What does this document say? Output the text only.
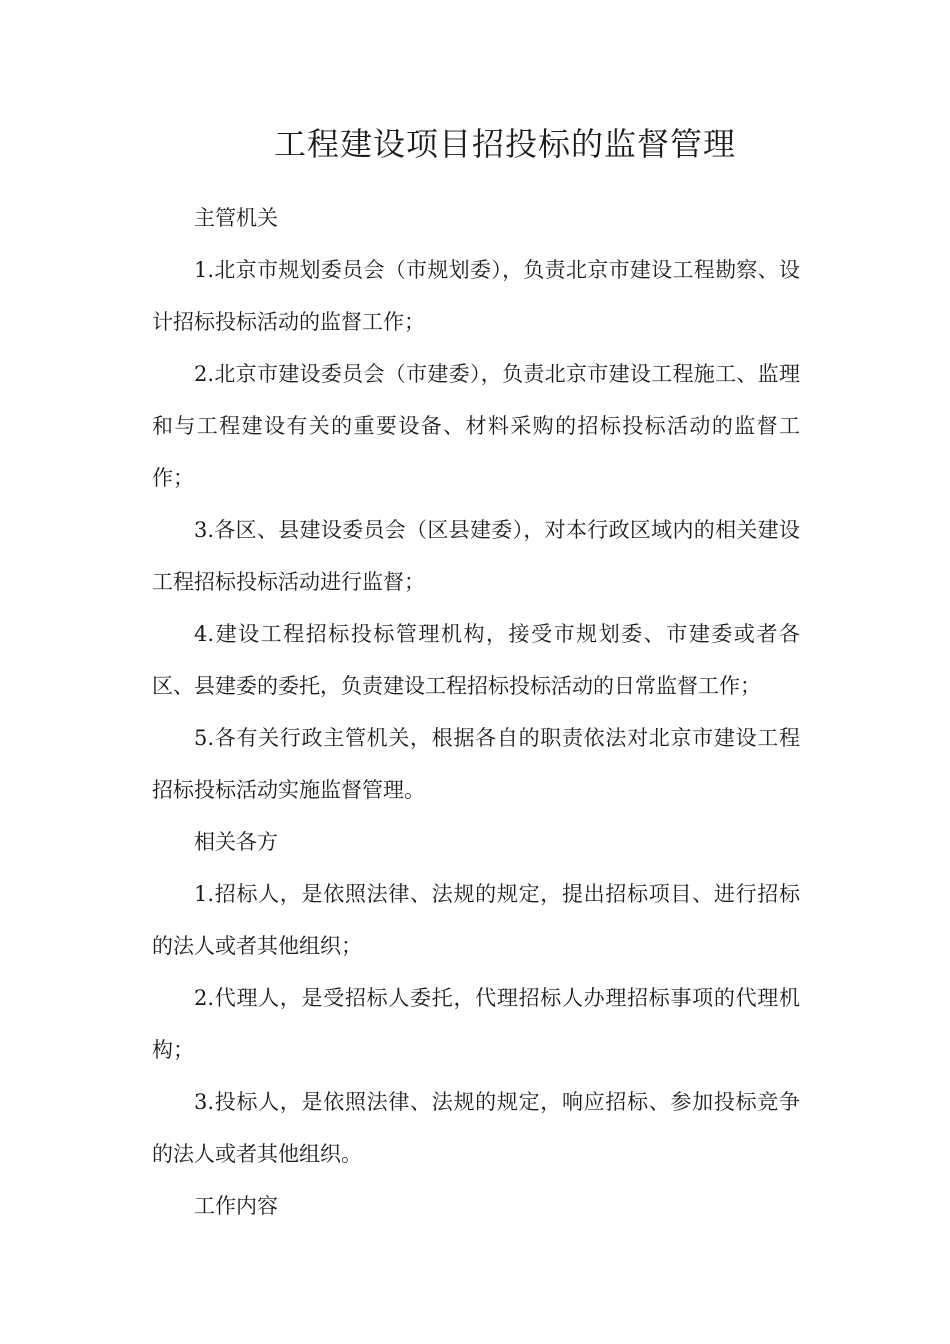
工程建设项目招投标的监督管理

主管机关

1.北京市规划委员会（市规划委），负责北京市建设工程勘察、设计招标投标活动的监督工作；

2.北京市建设委员会（市建委），负责北京市建设工程施工、监理和与工程建设有关的重要设备、材料采购的招标投标活动的监督工作；

3.各区、县建设委员会（区县建委），对本行政区域内的相关建设工程招标投标活动进行监督；

4.建设工程招标投标管理机构，接受市规划委、市建委或者各区、县建委的委托，负责建设工程招标投标活动的日常监督工作；

5.各有关行政主管机关，根据各自的职责依法对北京市建设工程招标投标活动实施监督管理。

相关各方

1.招标人，是依照法律、法规的规定，提出招标项目、进行招标的法人或者其他组织；

2.代理人，是受招标人委托，代理招标人办理招标事项的代理机构；

3.投标人，是依照法律、法规的规定，响应招标、参加投标竞争的法人或者其他组织。

工作内容
